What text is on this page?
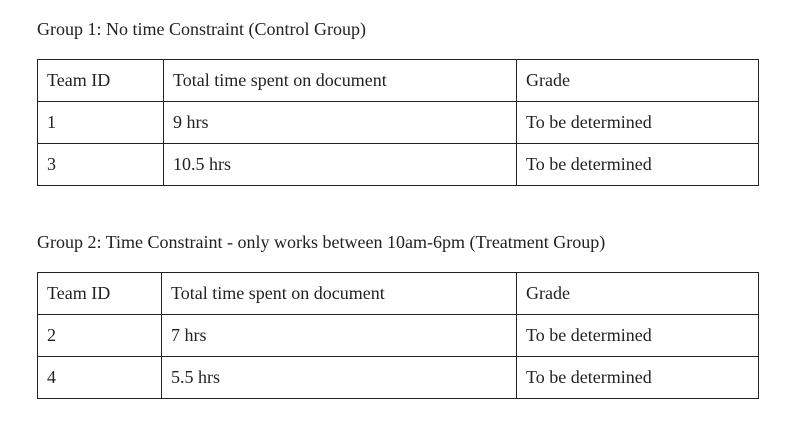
Group 1: No time Constraint (Control Group)
Team ID	Total time spent on document	Grade
1	9 hrs	To be determined
3	10.5 hrs	To be determined
Group 2: Time Constraint - only works between 10am-6pm (Treatment Group)
Team ID	Total time spent on document	Grade
2	7 hrs	To be determined
4	5.5 hrs	To be determined
